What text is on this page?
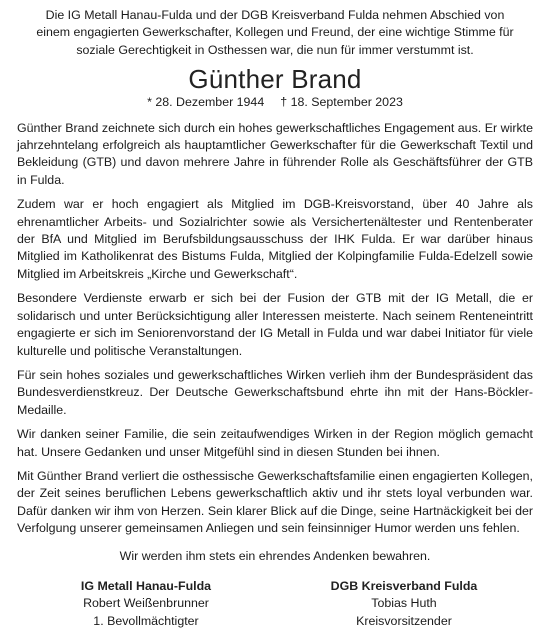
Die IG Metall Hanau-Fulda und der DGB Kreisverband Fulda nehmen Abschied von einem engagierten Gewerkschafter, Kollegen und Freund, der eine wichtige Stimme für soziale Gerechtigkeit in Osthessen war, die nun für immer verstummt ist.
Günther Brand
* 28. Dezember 1944 † 18. September 2023
Günther Brand zeichnete sich durch ein hohes gewerkschaftliches Engagement aus. Er wirkte jahrzehntelang erfolgreich als hauptamtlicher Gewerkschafter für die Gewerkschaft Textil und Bekleidung (GTB) und davon mehrere Jahre in führender Rolle als Geschäftsführer der GTB in Fulda.
Zudem war er hoch engagiert als Mitglied im DGB-Kreisvorstand, über 40 Jahre als ehrenamtlicher Arbeits- und Sozialrichter sowie als Versichertenältester und Rentenberater der BfA und Mitglied im Berufsbildungsausschuss der IHK Fulda. Er war darüber hinaus Mitglied im Katholikenrat des Bistums Fulda, Mitglied der Kolpingfamilie Fulda-Edelzell sowie Mitglied im Arbeitskreis „Kirche und Gewerkschaft“.
Besondere Verdienste erwarb er sich bei der Fusion der GTB mit der IG Metall, die er solidarisch und unter Berücksichtigung aller Interessen meisterte. Nach seinem Renteneintritt engagierte er sich im Seniorenvorstand der IG Metall in Fulda und war dabei Initiator für viele kulturelle und politische Veranstaltungen.
Für sein hohes soziales und gewerkschaftliches Wirken verlieh ihm der Bundespräsident das Bundesverdienstkreuz. Der Deutsche Gewerkschaftsbund ehrte ihn mit der Hans-Böckler-Medaille.
Wir danken seiner Familie, die sein zeitaufwendiges Wirken in der Region möglich gemacht hat. Unsere Gedanken und unser Mitgefühl sind in diesen Stunden bei ihnen.
Mit Günther Brand verliert die osthessische Gewerkschaftsfamilie einen engagierten Kollegen, der Zeit seines beruflichen Lebens gewerkschaftlich aktiv und ihr stets loyal verbunden war. Dafür danken wir ihm von Herzen. Sein klarer Blick auf die Dinge, seine Hartnäckigkeit bei der Verfolgung unserer gemeinsamen Anliegen und sein feinsinniger Humor werden uns fehlen.
Wir werden ihm stets ein ehrendes Andenken bewahren.
IG Metall Hanau-Fulda
Robert Weißenbrunner
1. Bevollmächtigter
DGB Kreisverband Fulda
Tobias Huth
Kreisvorsitzender
